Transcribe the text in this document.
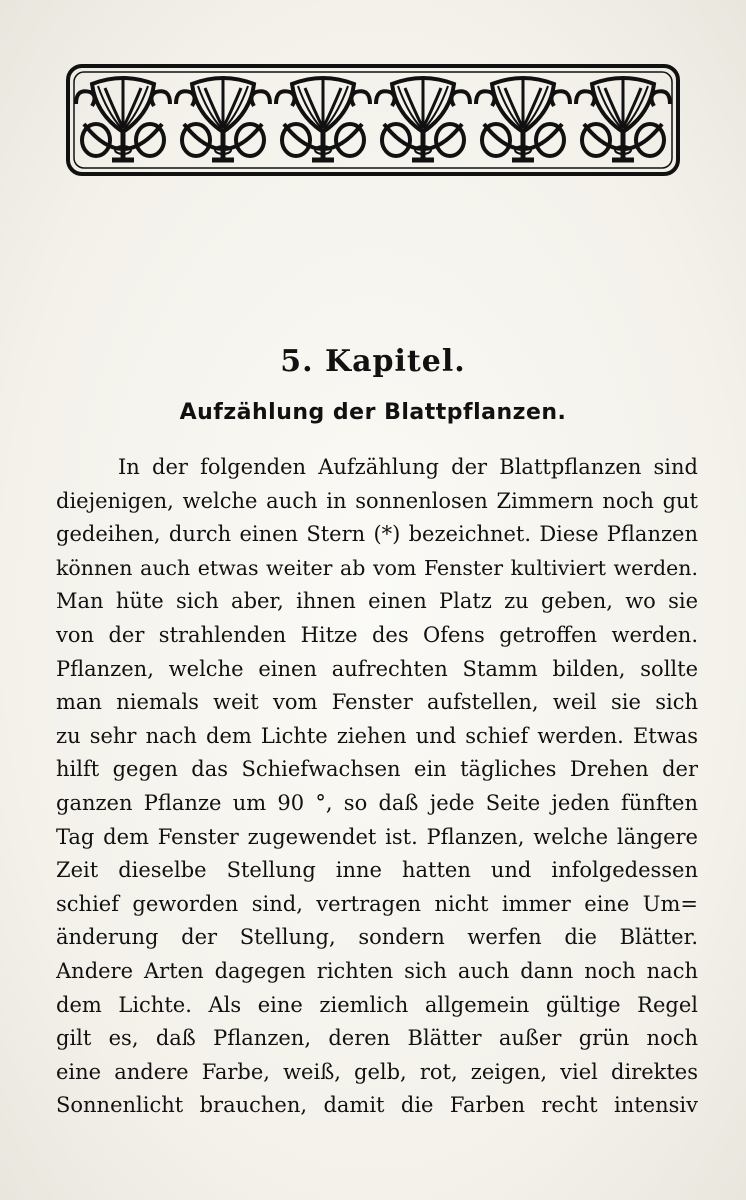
5. Kapitel.
Aufzählung der Blattpflanzen.
In der folgenden Aufzählung der Blattpflanzen sind
diejenigen, welche auch in sonnenlosen Zimmern noch gut
gedeihen, durch einen Stern (*) bezeichnet. Diese Pflanzen
können auch etwas weiter ab vom Fenster kultiviert werden.
Man hüte sich aber, ihnen einen Platz zu geben, wo sie
von der strahlenden Hitze des Ofens getroffen werden.
Pflanzen, welche einen aufrechten Stamm bilden, sollte
man niemals weit vom Fenster aufstellen, weil sie sich
zu sehr nach dem Lichte ziehen und schief werden. Etwas
hilft gegen das Schiefwachsen ein tägliches Drehen der
ganzen Pflanze um 90 °, so daß jede Seite jeden fünften
Tag dem Fenster zugewendet ist. Pflanzen, welche längere
Zeit dieselbe Stellung inne hatten und infolgedessen
schief geworden sind, vertragen nicht immer eine Um=
änderung der Stellung, sondern werfen die Blätter.
Andere Arten dagegen richten sich auch dann noch nach
dem Lichte. Als eine ziemlich allgemein gültige Regel
gilt es, daß Pflanzen, deren Blätter außer grün noch
eine andere Farbe, weiß, gelb, rot, zeigen, viel direktes
Sonnenlicht brauchen, damit die Farben recht intensiv
